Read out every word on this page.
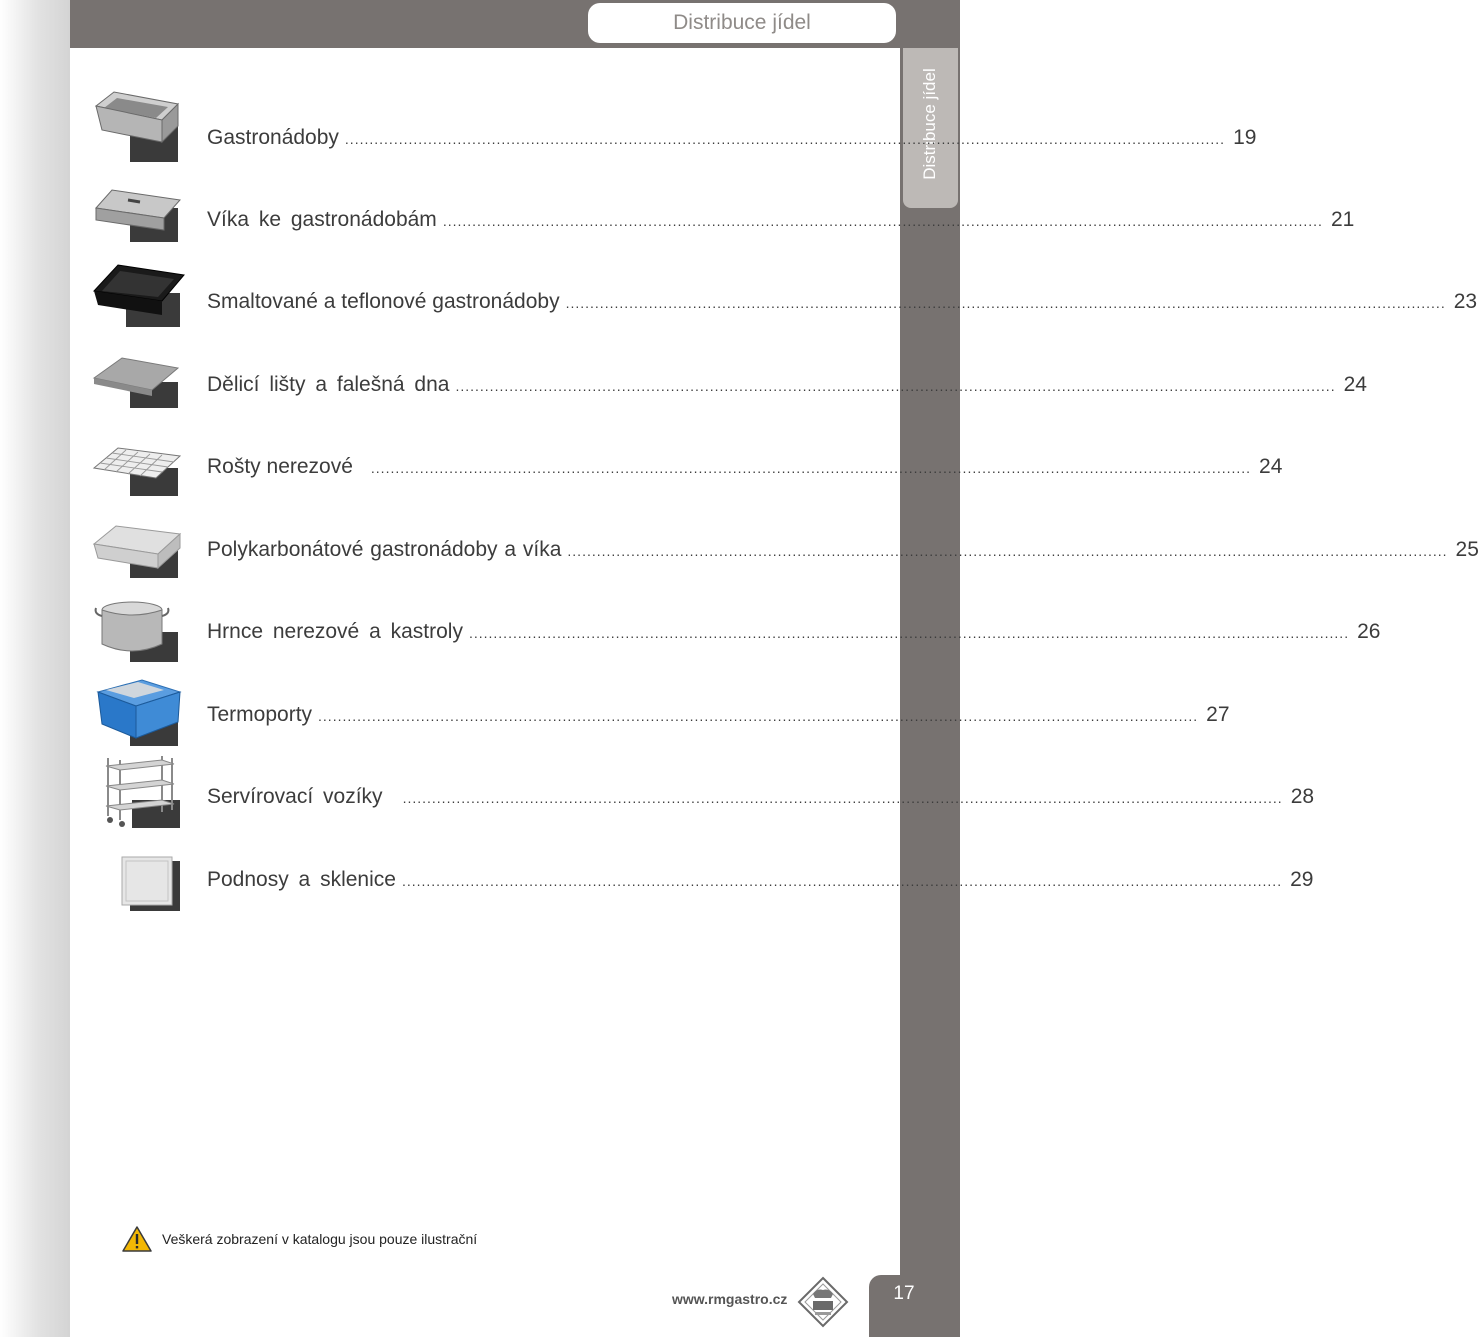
Distribuce jídel
Distribuce jídel
Gastronádoby .................................................................................................................................................................................... 19
Víka ke gastronádobám .................................................................................................................................................................................... 21
Smaltované a teflonové gastronádoby .................................................................................................................................................................................... 23
Dělicí lišty a falešná dna .................................................................................................................................................................................... 24
Rošty nerezové .................................................................................................................................................................................... 24
Polykarbonátové gastronádoby a víka .................................................................................................................................................................................... 25
Hrnce nerezové a kastroly .................................................................................................................................................................................... 26
Termoporty .................................................................................................................................................................................... 27
Servírovací vozíky .................................................................................................................................................................................... 28
Podnosy a sklenice .................................................................................................................................................................................... 29
Veškerá zobrazení v katalogu jsou pouze ilustrační
www.rmgastro.cz	17
